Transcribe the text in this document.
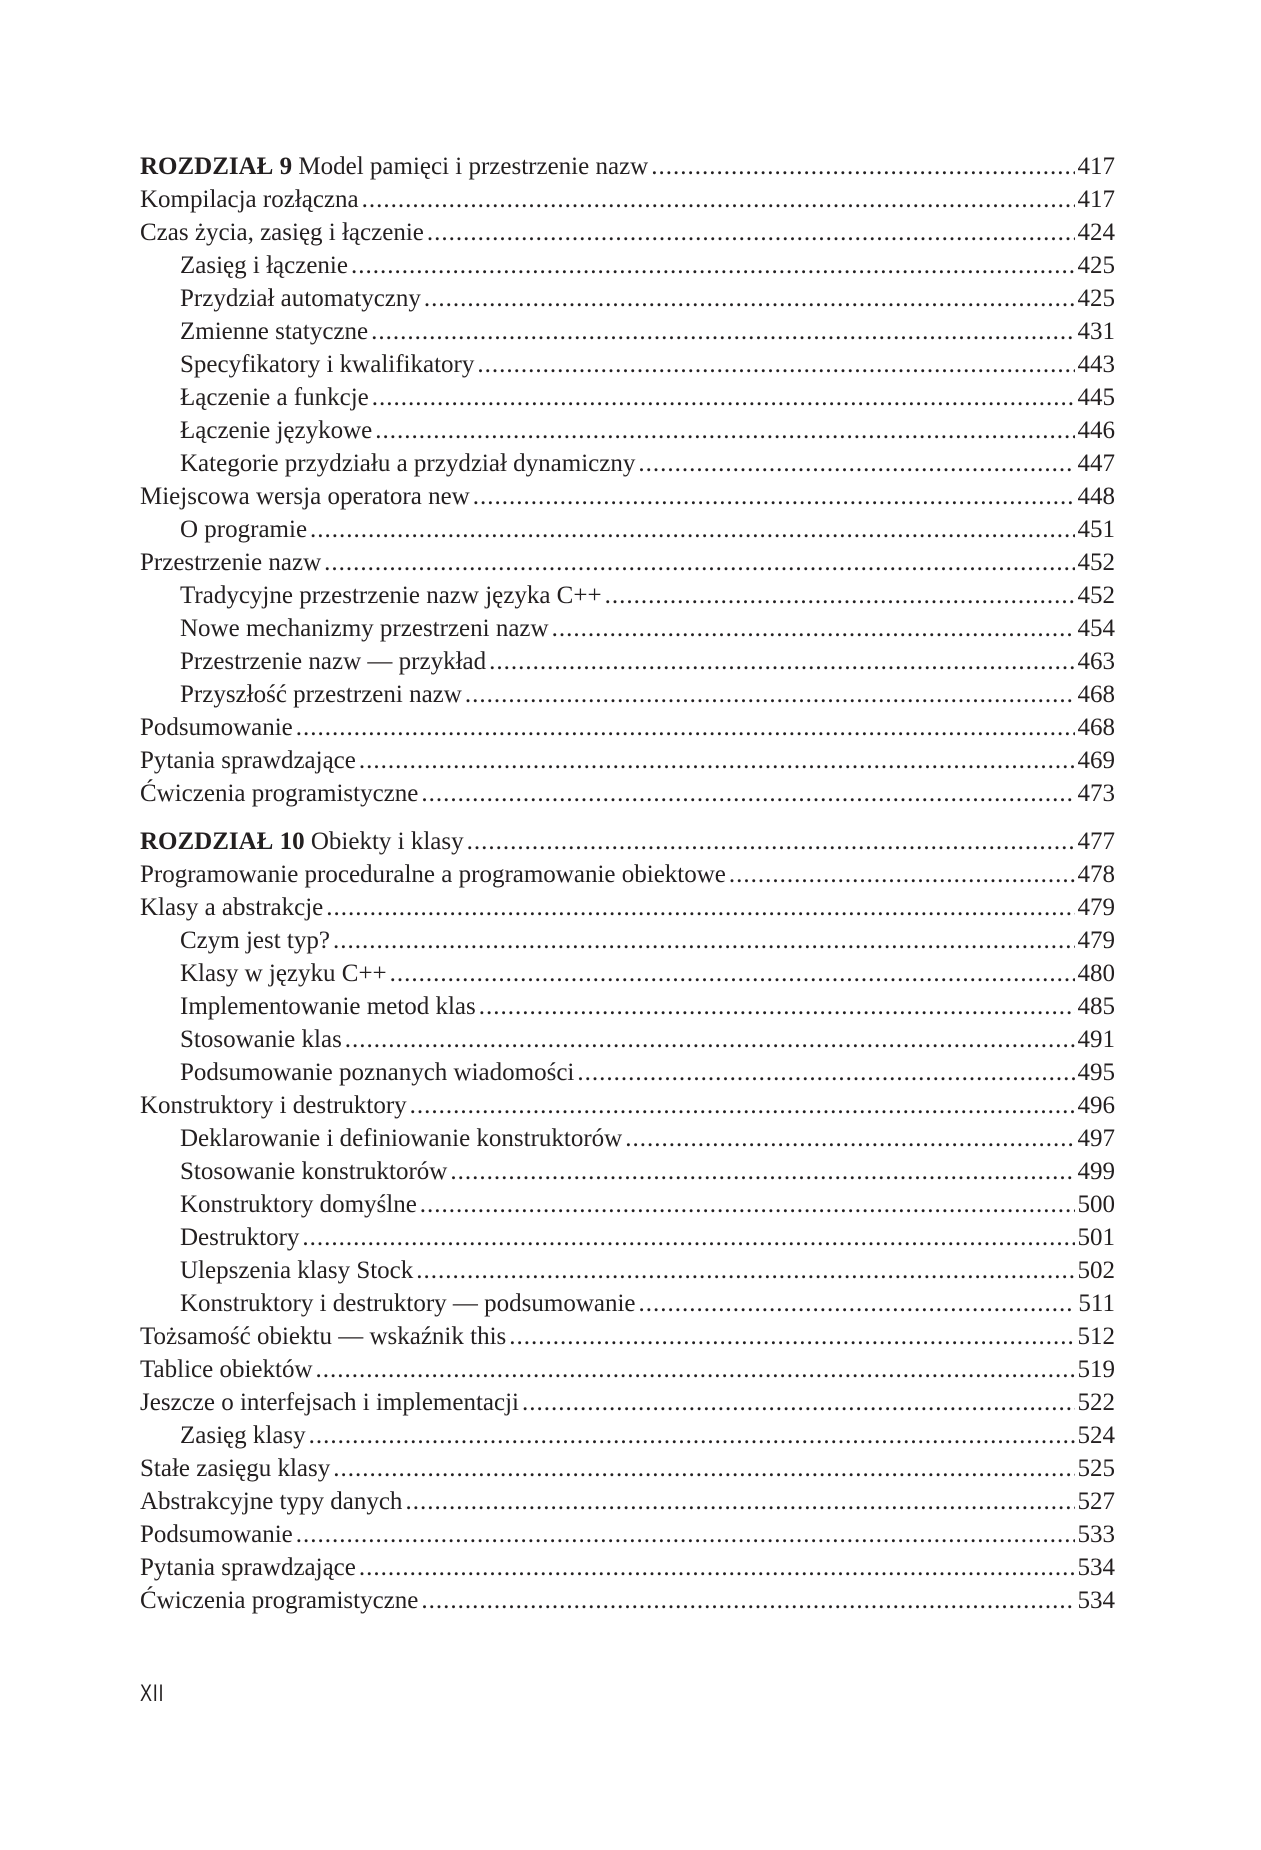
ROZDZIAŁ 9 Model pamięci i przestrzenie nazw .....	417
Kompilacja rozłączna .....	417
Czas życia, zasięg i łączenie .....	424
Zasięg i łączenie .....	425
Przydział automatyczny .....	425
Zmienne statyczne .....	431
Specyfikatory i kwalifikatory .....	443
Łączenie a funkcje .....	445
Łączenie językowe .....	446
Kategorie przydziału a przydział dynamiczny .....	447
Miejscowa wersja operatora new .....	448
O programie .....	451
Przestrzenie nazw .....	452
Tradycyjne przestrzenie nazw języka C++ .....	452
Nowe mechanizmy przestrzeni nazw .....	454
Przestrzenie nazw — przykład .....	463
Przyszłość przestrzeni nazw .....	468
Podsumowanie .....	468
Pytania sprawdzające .....	469
Ćwiczenia programistyczne .....	473
ROZDZIAŁ 10 Obiekty i klasy .....	477
Programowanie proceduralne a programowanie obiektowe .....	478
Klasy a abstrakcje .....	479
Czym jest typ? .....	479
Klasy w języku C++ .....	480
Implementowanie metod klas .....	485
Stosowanie klas .....	491
Podsumowanie poznanych wiadomości .....	495
Konstruktory i destruktory .....	496
Deklarowanie i definiowanie konstruktorów .....	497
Stosowanie konstruktorów .....	499
Konstruktory domyślne .....	500
Destruktory .....	501
Ulepszenia klasy Stock .....	502
Konstruktory i destruktory — podsumowanie .....	511
Tożsamość obiektu — wskaźnik this .....	512
Tablice obiektów .....	519
Jeszcze o interfejsach i implementacji .....	522
Zasięg klasy .....	524
Stałe zasięgu klasy .....	525
Abstrakcyjne typy danych .....	527
Podsumowanie .....	533
Pytania sprawdzające .....	534
Ćwiczenia programistyczne .....	534
XII
